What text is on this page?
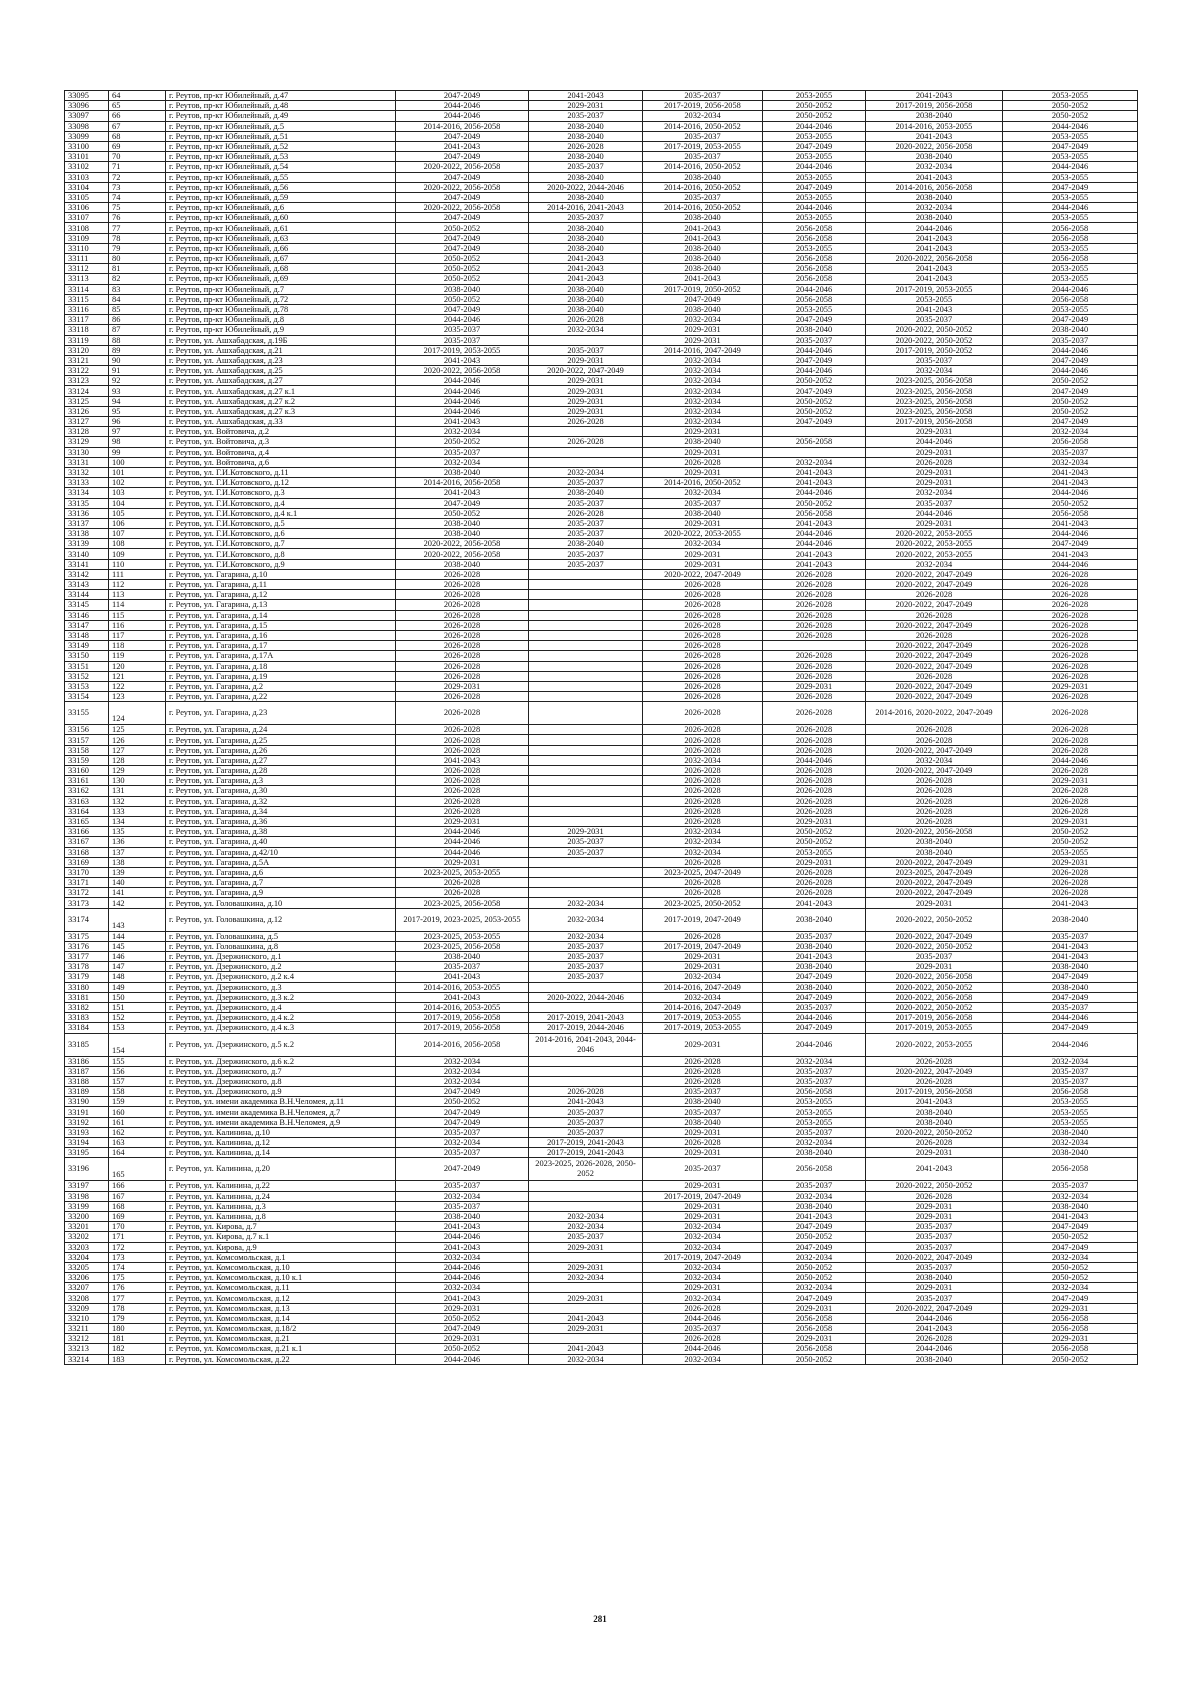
33095	64	г. Реутов, пр-кт Юбилейный, д.47	2047-2049	2041-2043	2035-2037	2053-2055	2041-2043	2053-2055
33096	65	г. Реутов, пр-кт Юбилейный, д.48	2044-2046	2029-2031	2017-2019, 2056-2058	2050-2052	2017-2019, 2056-2058	2050-2052
33097	66	г. Реутов, пр-кт Юбилейный, д.49	2044-2046	2035-2037	2032-2034	2050-2052	2038-2040	2050-2052
33098	67	г. Реутов, пр-кт Юбилейный, д.5	2014-2016, 2056-2058	2038-2040	2014-2016, 2050-2052	2044-2046	2014-2016, 2053-2055	2044-2046
33099	68	г. Реутов, пр-кт Юбилейный, д.51	2047-2049	2038-2040	2035-2037	2053-2055	2041-2043	2053-2055
33100	69	г. Реутов, пр-кт Юбилейный, д.52	2041-2043	2026-2028	2017-2019, 2053-2055	2047-2049	2020-2022, 2056-2058	2047-2049
33101	70	г. Реутов, пр-кт Юбилейный, д.53	2047-2049	2038-2040	2035-2037	2053-2055	2038-2040	2053-2055
33102	71	г. Реутов, пр-кт Юбилейный, д.54	2020-2022, 2056-2058	2035-2037	2014-2016, 2050-2052	2044-2046	2032-2034	2044-2046
33103	72	г. Реутов, пр-кт Юбилейный, д.55	2047-2049	2038-2040	2038-2040	2053-2055	2041-2043	2053-2055
33104	73	г. Реутов, пр-кт Юбилейный, д.56	2020-2022, 2056-2058	2020-2022, 2044-2046	2014-2016, 2050-2052	2047-2049	2014-2016, 2056-2058	2047-2049
33105	74	г. Реутов, пр-кт Юбилейный, д.59	2047-2049	2038-2040	2035-2037	2053-2055	2038-2040	2053-2055
33106	75	г. Реутов, пр-кт Юбилейный, д.6	2020-2022, 2056-2058	2014-2016, 2041-2043	2014-2016, 2050-2052	2044-2046	2032-2034	2044-2046
33107	76	г. Реутов, пр-кт Юбилейный, д.60	2047-2049	2035-2037	2038-2040	2053-2055	2038-2040	2053-2055
33108	77	г. Реутов, пр-кт Юбилейный, д.61	2050-2052	2038-2040	2041-2043	2056-2058	2044-2046	2056-2058
33109	78	г. Реутов, пр-кт Юбилейный, д.63	2047-2049	2038-2040	2041-2043	2056-2058	2041-2043	2056-2058
33110	79	г. Реутов, пр-кт Юбилейный, д.66	2047-2049	2038-2040	2038-2040	2053-2055	2041-2043	2053-2055
33111	80	г. Реутов, пр-кт Юбилейный, д.67	2050-2052	2041-2043	2038-2040	2056-2058	2020-2022, 2056-2058	2056-2058
33112	81	г. Реутов, пр-кт Юбилейный, д.68	2050-2052	2041-2043	2038-2040	2056-2058	2041-2043	2053-2055
33113	82	г. Реутов, пр-кт Юбилейный, д.69	2050-2052	2041-2043	2041-2043	2056-2058	2041-2043	2053-2055
33114	83	г. Реутов, пр-кт Юбилейный, д.7	2038-2040	2038-2040	2017-2019, 2050-2052	2044-2046	2017-2019, 2053-2055	2044-2046
33115	84	г. Реутов, пр-кт Юбилейный, д.72	2050-2052	2038-2040	2047-2049	2056-2058	2053-2055	2056-2058
33116	85	г. Реутов, пр-кт Юбилейный, д.78	2047-2049	2038-2040	2038-2040	2053-2055	2041-2043	2053-2055
33117	86	г. Реутов, пр-кт Юбилейный, д.8	2044-2046	2026-2028	2032-2034	2047-2049	2035-2037	2047-2049
33118	87	г. Реутов, пр-кт Юбилейный, д.9	2035-2037	2032-2034	2029-2031	2038-2040	2020-2022, 2050-2052	2038-2040
33119	88	г. Реутов, ул. Ашхабадская, д.19Б	2035-2037		2029-2031	2035-2037	2020-2022, 2050-2052	2035-2037
33120	89	г. Реутов, ул. Ашхабадская, д.21	2017-2019, 2053-2055	2035-2037	2014-2016, 2047-2049	2044-2046	2017-2019, 2050-2052	2044-2046
33121	90	г. Реутов, ул. Ашхабадская, д.23	2041-2043	2029-2031	2032-2034	2047-2049	2035-2037	2047-2049
33122	91	г. Реутов, ул. Ашхабадская, д.25	2020-2022, 2056-2058	2020-2022, 2047-2049	2032-2034	2044-2046	2032-2034	2044-2046
33123	92	г. Реутов, ул. Ашхабадская, д.27	2044-2046	2029-2031	2032-2034	2050-2052	2023-2025, 2056-2058	2050-2052
33124	93	г. Реутов, ул. Ашхабадская, д.27 к.1	2044-2046	2029-2031	2032-2034	2047-2049	2023-2025, 2056-2058	2047-2049
33125	94	г. Реутов, ул. Ашхабадская, д.27 к.2	2044-2046	2029-2031	2032-2034	2050-2052	2023-2025, 2056-2058	2050-2052
33126	95	г. Реутов, ул. Ашхабадская, д.27 к.3	2044-2046	2029-2031	2032-2034	2050-2052	2023-2025, 2056-2058	2050-2052
33127	96	г. Реутов, ул. Ашхабадская, д.33	2041-2043	2026-2028	2032-2034	2047-2049	2017-2019, 2056-2058	2047-2049
33128	97	г. Реутов, ул. Войтовича, д.2	2032-2034		2029-2031		2029-2031	2032-2034
33129	98	г. Реутов, ул. Войтовича, д.3	2050-2052	2026-2028	2038-2040	2056-2058	2044-2046	2056-2058
33130	99	г. Реутов, ул. Войтовича, д.4	2035-2037		2029-2031		2029-2031	2035-2037
33131	100	г. Реутов, ул. Войтовича, д.6	2032-2034		2026-2028	2032-2034	2026-2028	2032-2034
33132	101	г. Реутов, ул. Г.И.Котовского, д.11	2038-2040	2032-2034	2029-2031	2041-2043	2029-2031	2041-2043
33133	102	г. Реутов, ул. Г.И.Котовского, д.12	2014-2016, 2056-2058	2035-2037	2014-2016, 2050-2052	2041-2043	2029-2031	2041-2043
33134	103	г. Реутов, ул. Г.И.Котовского, д.3	2041-2043	2038-2040	2032-2034	2044-2046	2032-2034	2044-2046
33135	104	г. Реутов, ул. Г.И.Котовского, д.4	2047-2049	2035-2037	2035-2037	2050-2052	2035-2037	2050-2052
33136	105	г. Реутов, ул. Г.И.Котовского, д.4 к.1	2050-2052	2026-2028	2038-2040	2056-2058	2044-2046	2056-2058
33137	106	г. Реутов, ул. Г.И.Котовского, д.5	2038-2040	2035-2037	2029-2031	2041-2043	2029-2031	2041-2043
33138	107	г. Реутов, ул. Г.И.Котовского, д.6	2038-2040	2035-2037	2020-2022, 2053-2055	2044-2046	2020-2022, 2053-2055	2044-2046
33139	108	г. Реутов, ул. Г.И.Котовского, д.7	2020-2022, 2056-2058	2038-2040	2032-2034	2044-2046	2020-2022, 2053-2055	2047-2049
33140	109	г. Реутов, ул. Г.И.Котовского, д.8	2020-2022, 2056-2058	2035-2037	2029-2031	2041-2043	2020-2022, 2053-2055	2041-2043
33141	110	г. Реутов, ул. Г.И.Котовского, д.9	2038-2040	2035-2037	2029-2031	2041-2043	2032-2034	2044-2046
33142	111	г. Реутов, ул. Гагарина, д.10	2026-2028		2020-2022, 2047-2049	2026-2028	2020-2022, 2047-2049	2026-2028
33143	112	г. Реутов, ул. Гагарина, д.11	2026-2028		2026-2028	2026-2028	2020-2022, 2047-2049	2026-2028
33144	113	г. Реутов, ул. Гагарина, д.12	2026-2028		2026-2028	2026-2028	2026-2028	2026-2028
33145	114	г. Реутов, ул. Гагарина, д.13	2026-2028		2026-2028	2026-2028	2020-2022, 2047-2049	2026-2028
33146	115	г. Реутов, ул. Гагарина, д.14	2026-2028		2026-2028	2026-2028	2026-2028	2026-2028
33147	116	г. Реутов, ул. Гагарина, д.15	2026-2028		2026-2028	2026-2028	2020-2022, 2047-2049	2026-2028
33148	117	г. Реутов, ул. Гагарина, д.16	2026-2028		2026-2028	2026-2028	2026-2028	2026-2028
33149	118	г. Реутов, ул. Гагарина, д.17	2026-2028		2026-2028		2020-2022, 2047-2049	2026-2028
33150	119	г. Реутов, ул. Гагарина, д.17А	2026-2028		2026-2028	2026-2028	2020-2022, 2047-2049	2026-2028
33151	120	г. Реутов, ул. Гагарина, д.18	2026-2028		2026-2028	2026-2028	2020-2022, 2047-2049	2026-2028
33152	121	г. Реутов, ул. Гагарина, д.19	2026-2028		2026-2028	2026-2028	2026-2028	2026-2028
33153	122	г. Реутов, ул. Гагарина, д.2	2029-2031		2026-2028	2029-2031	2020-2022, 2047-2049	2029-2031
33154	123	г. Реутов, ул. Гагарина, д.22	2026-2028		2026-2028	2026-2028	2020-2022, 2047-2049	2026-2028
33155	124	г. Реутов, ул. Гагарина, д.23	2026-2028		2026-2028	2026-2028	2014-2016, 2020-2022, 2047-2049	2026-2028
33156	125	г. Реутов, ул. Гагарина, д.24	2026-2028		2026-2028	2026-2028	2026-2028	2026-2028
33157	126	г. Реутов, ул. Гагарина, д.25	2026-2028		2026-2028	2026-2028	2026-2028	2026-2028
33158	127	г. Реутов, ул. Гагарина, д.26	2026-2028		2026-2028	2026-2028	2020-2022, 2047-2049	2026-2028
33159	128	г. Реутов, ул. Гагарина, д.27	2041-2043		2032-2034	2044-2046	2032-2034	2044-2046
33160	129	г. Реутов, ул. Гагарина, д.28	2026-2028		2026-2028	2026-2028	2020-2022, 2047-2049	2026-2028
33161	130	г. Реутов, ул. Гагарина, д.3	2026-2028		2026-2028	2026-2028	2026-2028	2029-2031
33162	131	г. Реутов, ул. Гагарина, д.30	2026-2028		2026-2028	2026-2028	2026-2028	2026-2028
33163	132	г. Реутов, ул. Гагарина, д.32	2026-2028		2026-2028	2026-2028	2026-2028	2026-2028
33164	133	г. Реутов, ул. Гагарина, д.34	2026-2028		2026-2028	2026-2028	2026-2028	2026-2028
33165	134	г. Реутов, ул. Гагарина, д.36	2029-2031		2026-2028	2029-2031	2026-2028	2029-2031
33166	135	г. Реутов, ул. Гагарина, д.38	2044-2046	2029-2031	2032-2034	2050-2052	2020-2022, 2056-2058	2050-2052
33167	136	г. Реутов, ул. Гагарина, д.40	2044-2046	2035-2037	2032-2034	2050-2052	2038-2040	2050-2052
33168	137	г. Реутов, ул. Гагарина, д.42/10	2044-2046	2035-2037	2032-2034	2053-2055	2038-2040	2053-2055
33169	138	г. Реутов, ул. Гагарина, д.5А	2029-2031		2026-2028	2029-2031	2020-2022, 2047-2049	2029-2031
33170	139	г. Реутов, ул. Гагарина, д.6	2023-2025, 2053-2055		2023-2025, 2047-2049	2026-2028	2023-2025, 2047-2049	2026-2028
33171	140	г. Реутов, ул. Гагарина, д.7	2026-2028		2026-2028	2026-2028	2020-2022, 2047-2049	2026-2028
33172	141	г. Реутов, ул. Гагарина, д.9	2026-2028		2026-2028	2026-2028	2020-2022, 2047-2049	2026-2028
33173	142	г. Реутов, ул. Головашкина, д.10	2023-2025, 2056-2058	2032-2034	2023-2025, 2050-2052	2041-2043	2029-2031	2041-2043
33174	143	г. Реутов, ул. Головашкина, д.12	2017-2019, 2023-2025, 2053-2055	2032-2034	2017-2019, 2047-2049	2038-2040	2020-2022, 2050-2052	2038-2040
33175	144	г. Реутов, ул. Головашкина, д.5	2023-2025, 2053-2055	2032-2034	2026-2028	2035-2037	2020-2022, 2047-2049	2035-2037
33176	145	г. Реутов, ул. Головашкина, д.8	2023-2025, 2056-2058	2035-2037	2017-2019, 2047-2049	2038-2040	2020-2022, 2050-2052	2041-2043
33177	146	г. Реутов, ул. Дзержинского, д.1	2038-2040	2035-2037	2029-2031	2041-2043	2035-2037	2041-2043
33178	147	г. Реутов, ул. Дзержинского, д.2	2035-2037	2035-2037	2029-2031	2038-2040	2029-2031	2038-2040
33179	148	г. Реутов, ул. Дзержинского, д.2 к.4	2041-2043	2035-2037	2032-2034	2047-2049	2020-2022, 2056-2058	2047-2049
33180	149	г. Реутов, ул. Дзержинского, д.3	2014-2016, 2053-2055		2014-2016, 2047-2049	2038-2040	2020-2022, 2050-2052	2038-2040
33181	150	г. Реутов, ул. Дзержинского, д.3 к.2	2041-2043	2020-2022, 2044-2046	2032-2034	2047-2049	2020-2022, 2056-2058	2047-2049
33182	151	г. Реутов, ул. Дзержинского, д.4	2014-2016, 2053-2055		2014-2016, 2047-2049	2035-2037	2020-2022, 2050-2052	2035-2037
33183	152	г. Реутов, ул. Дзержинского, д.4 к.2	2017-2019, 2056-2058	2017-2019, 2041-2043	2017-2019, 2053-2055	2044-2046	2017-2019, 2056-2058	2044-2046
33184	153	г. Реутов, ул. Дзержинского, д.4 к.3	2017-2019, 2056-2058	2017-2019, 2044-2046	2017-2019, 2053-2055	2047-2049	2017-2019, 2053-2055	2047-2049
33185	154	г. Реутов, ул. Дзержинского, д.5 к.2	2014-2016, 2056-2058	2014-2016, 2041-2043, 2044-2046	2029-2031	2044-2046	2020-2022, 2053-2055	2044-2046
33186	155	г. Реутов, ул. Дзержинского, д.6 к.2	2032-2034		2026-2028	2032-2034	2026-2028	2032-2034
33187	156	г. Реутов, ул. Дзержинского, д.7	2032-2034		2026-2028	2035-2037	2020-2022, 2047-2049	2035-2037
33188	157	г. Реутов, ул. Дзержинского, д.8	2032-2034		2026-2028	2035-2037	2026-2028	2035-2037
33189	158	г. Реутов, ул. Дзержинского, д.9	2047-2049	2026-2028	2035-2037	2056-2058	2017-2019, 2056-2058	2056-2058
33190	159	г. Реутов, ул. имени академика В.Н.Челомея, д.11	2050-2052	2041-2043	2038-2040	2053-2055	2041-2043	2053-2055
33191	160	г. Реутов, ул. имени академика В.Н.Челомея, д.7	2047-2049	2035-2037	2035-2037	2053-2055	2038-2040	2053-2055
33192	161	г. Реутов, ул. имени академика В.Н.Челомея, д.9	2047-2049	2035-2037	2038-2040	2053-2055	2038-2040	2053-2055
33193	162	г. Реутов, ул. Калинина, д.10	2035-2037	2035-2037	2029-2031	2035-2037	2020-2022, 2050-2052	2038-2040
33194	163	г. Реутов, ул. Калинина, д.12	2032-2034	2017-2019, 2041-2043	2026-2028	2032-2034	2026-2028	2032-2034
33195	164	г. Реутов, ул. Калинина, д.14	2035-2037	2017-2019, 2041-2043	2029-2031	2038-2040	2029-2031	2038-2040
33196	165	г. Реутов, ул. Калинина, д.20	2047-2049	2023-2025, 2026-2028, 2050-2052	2035-2037	2056-2058	2041-2043	2056-2058
33197	166	г. Реутов, ул. Калинина, д.22	2035-2037		2029-2031	2035-2037	2020-2022, 2050-2052	2035-2037
33198	167	г. Реутов, ул. Калинина, д.24	2032-2034		2017-2019, 2047-2049	2032-2034	2026-2028	2032-2034
33199	168	г. Реутов, ул. Калинина, д.3	2035-2037		2029-2031	2038-2040	2029-2031	2038-2040
33200	169	г. Реутов, ул. Калинина, д.8	2038-2040	2032-2034	2029-2031	2041-2043	2029-2031	2041-2043
33201	170	г. Реутов, ул. Кирова, д.7	2041-2043	2032-2034	2032-2034	2047-2049	2035-2037	2047-2049
33202	171	г. Реутов, ул. Кирова, д.7 к.1	2044-2046	2035-2037	2032-2034	2050-2052	2035-2037	2050-2052
33203	172	г. Реутов, ул. Кирова, д.9	2041-2043	2029-2031	2032-2034	2047-2049	2035-2037	2047-2049
33204	173	г. Реутов, ул. Комсомольская, д.1	2032-2034		2017-2019, 2047-2049	2032-2034	2020-2022, 2047-2049	2032-2034
33205	174	г. Реутов, ул. Комсомольская, д.10	2044-2046	2029-2031	2032-2034	2050-2052	2035-2037	2050-2052
33206	175	г. Реутов, ул. Комсомольская, д.10 к.1	2044-2046	2032-2034	2032-2034	2050-2052	2038-2040	2050-2052
33207	176	г. Реутов, ул. Комсомольская, д.11	2032-2034		2029-2031	2032-2034	2029-2031	2032-2034
33208	177	г. Реутов, ул. Комсомольская, д.12	2041-2043	2029-2031	2032-2034	2047-2049	2035-2037	2047-2049
33209	178	г. Реутов, ул. Комсомольская, д.13	2029-2031		2026-2028	2029-2031	2020-2022, 2047-2049	2029-2031
33210	179	г. Реутов, ул. Комсомольская, д.14	2050-2052	2041-2043	2044-2046	2056-2058	2044-2046	2056-2058
33211	180	г. Реутов, ул. Комсомольская, д.18/2	2047-2049	2029-2031	2035-2037	2056-2058	2041-2043	2056-2058
33212	181	г. Реутов, ул. Комсомольская, д.21	2029-2031		2026-2028	2029-2031	2026-2028	2029-2031
33213	182	г. Реутов, ул. Комсомольская, д.21 к.1	2050-2052	2041-2043	2044-2046	2056-2058	2044-2046	2056-2058
33214	183	г. Реутов, ул. Комсомольская, д.22	2044-2046	2032-2034	2032-2034	2050-2052	2038-2040	2050-2052
281
